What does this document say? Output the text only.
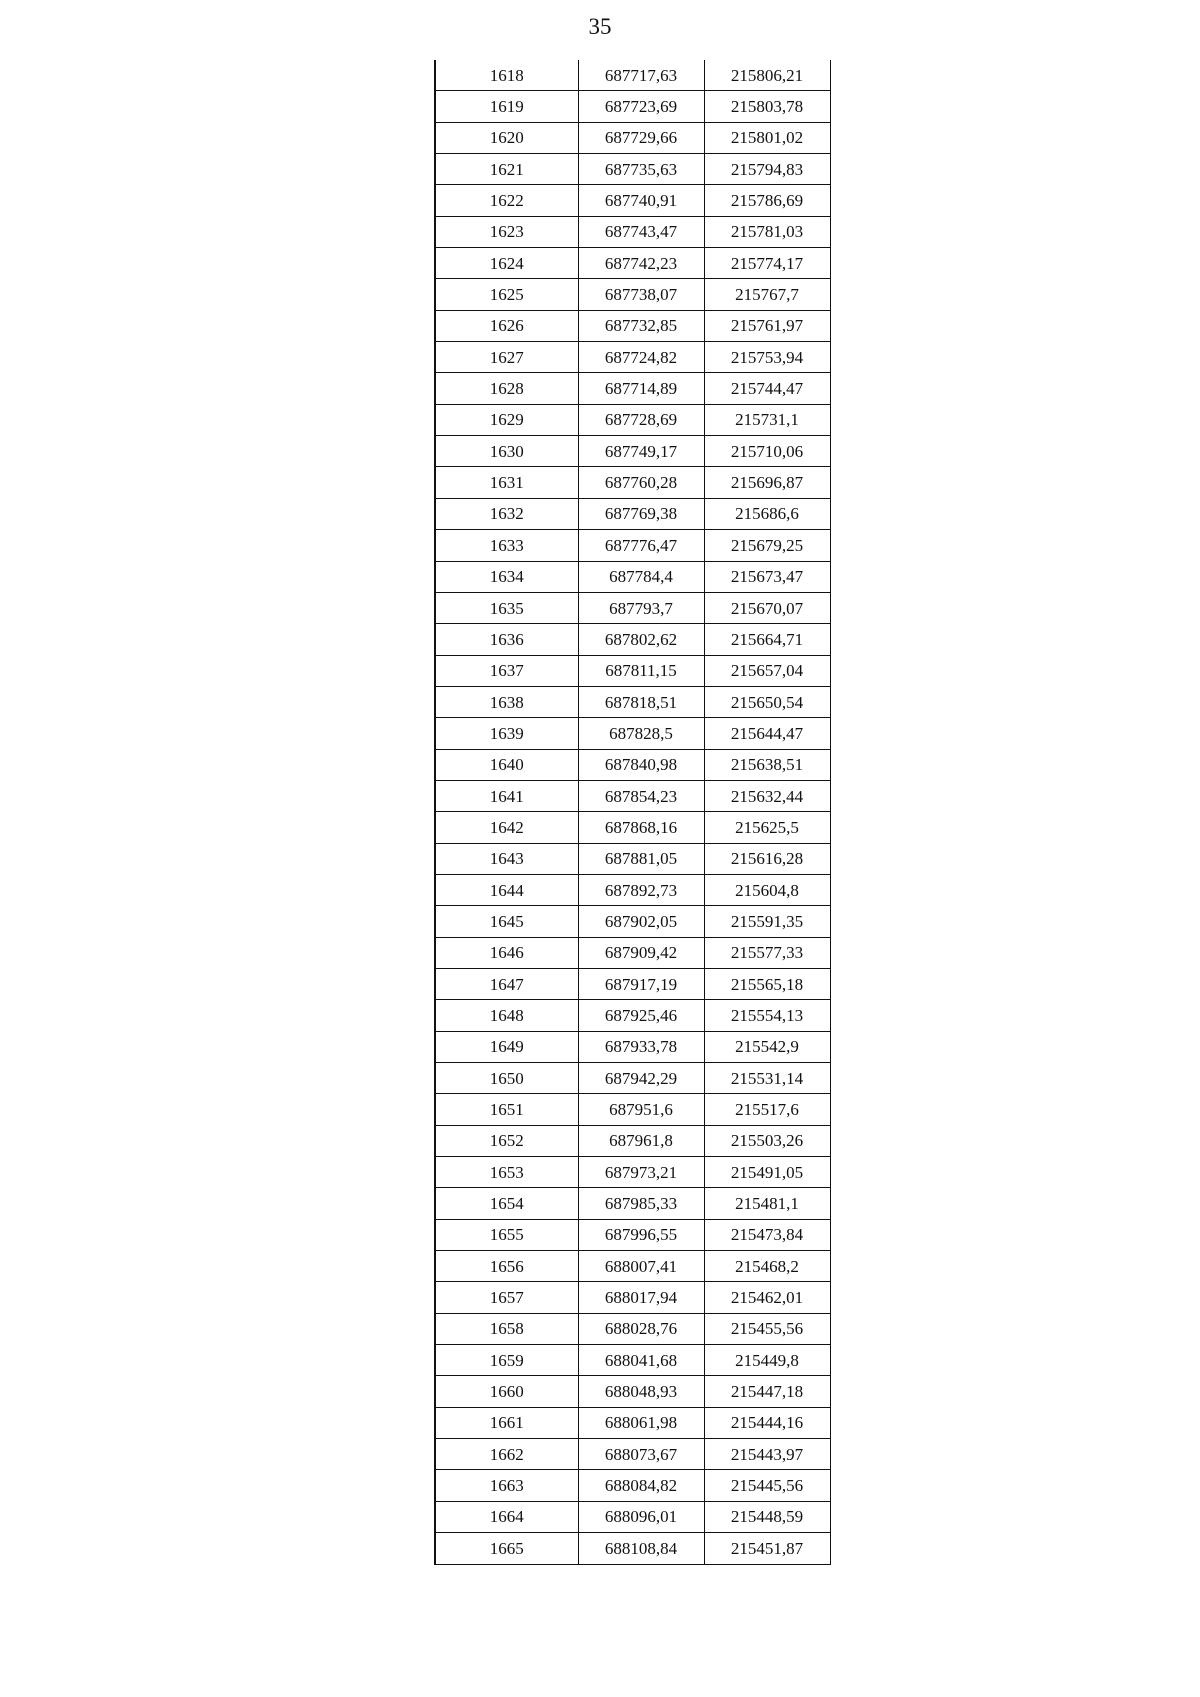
35
1618	687717,63	215806,21
1619	687723,69	215803,78
1620	687729,66	215801,02
1621	687735,63	215794,83
1622	687740,91	215786,69
1623	687743,47	215781,03
1624	687742,23	215774,17
1625	687738,07	215767,7
1626	687732,85	215761,97
1627	687724,82	215753,94
1628	687714,89	215744,47
1629	687728,69	215731,1
1630	687749,17	215710,06
1631	687760,28	215696,87
1632	687769,38	215686,6
1633	687776,47	215679,25
1634	687784,4	215673,47
1635	687793,7	215670,07
1636	687802,62	215664,71
1637	687811,15	215657,04
1638	687818,51	215650,54
1639	687828,5	215644,47
1640	687840,98	215638,51
1641	687854,23	215632,44
1642	687868,16	215625,5
1643	687881,05	215616,28
1644	687892,73	215604,8
1645	687902,05	215591,35
1646	687909,42	215577,33
1647	687917,19	215565,18
1648	687925,46	215554,13
1649	687933,78	215542,9
1650	687942,29	215531,14
1651	687951,6	215517,6
1652	687961,8	215503,26
1653	687973,21	215491,05
1654	687985,33	215481,1
1655	687996,55	215473,84
1656	688007,41	215468,2
1657	688017,94	215462,01
1658	688028,76	215455,56
1659	688041,68	215449,8
1660	688048,93	215447,18
1661	688061,98	215444,16
1662	688073,67	215443,97
1663	688084,82	215445,56
1664	688096,01	215448,59
1665	688108,84	215451,87
